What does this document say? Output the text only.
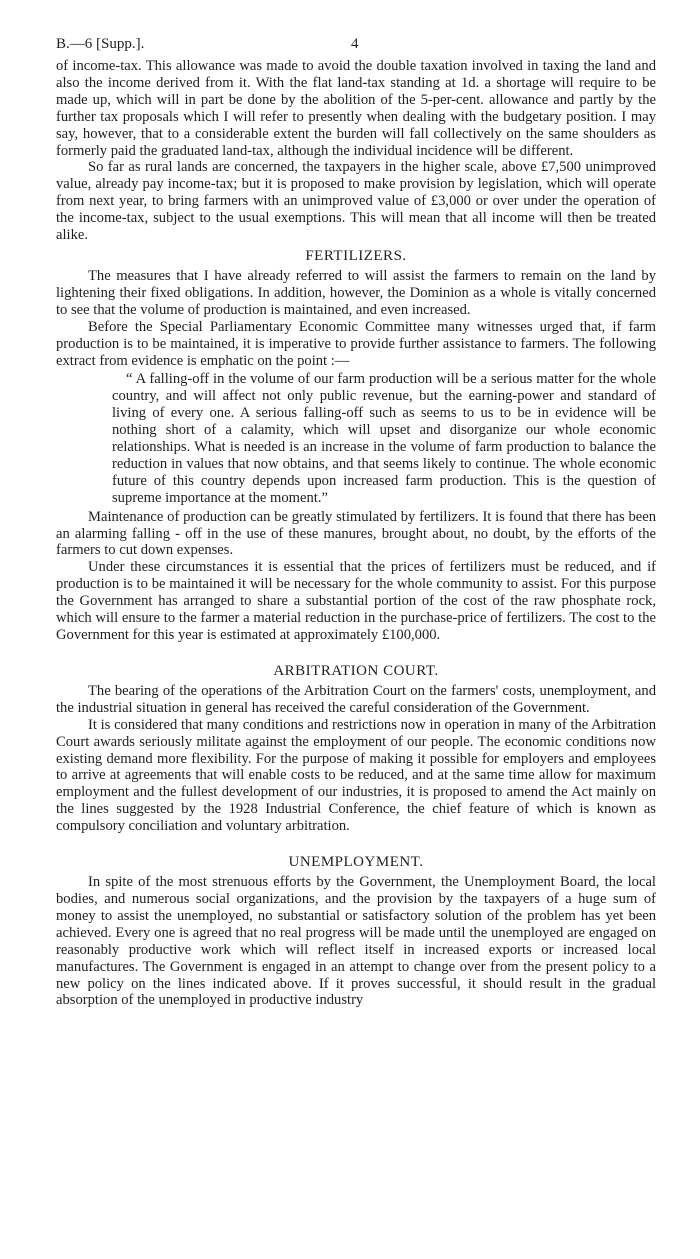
B.—6 [Supp.].	4

of income-tax. This allowance was made to avoid the double taxation involved in taxing the land and also the income derived from it. With the flat land-tax standing at 1d. a shortage will require to be made up, which will in part be done by the abolition of the 5-per-cent. allowance and partly by the further tax proposals which I will refer to presently when dealing with the budgetary position. I may say, however, that to a considerable extent the burden will fall collectively on the same shoulders as formerly paid the graduated land-tax, although the individual incidence will be different.

So far as rural lands are concerned, the taxpayers in the higher scale, above £7,500 unimproved value, already pay income-tax; but it is proposed to make provision by legislation, which will operate from next year, to bring farmers with an unimproved value of £3,000 or over under the operation of the income-tax, subject to the usual exemptions. This will mean that all income will then be treated alike.

FERTILIZERS.

The measures that I have already referred to will assist the farmers to remain on the land by lightening their fixed obligations. In addition, however, the Dominion as a whole is vitally concerned to see that the volume of production is maintained, and even increased.

Before the Special Parliamentary Economic Committee many witnesses urged that, if farm production is to be maintained, it is imperative to provide further assistance to farmers. The following extract from evidence is emphatic on the point :—

“ A falling-off in the volume of our farm production will be a serious matter for the whole country, and will affect not only public revenue, but the earning-power and standard of living of every one. A serious falling-off such as seems to us to be in evidence will be nothing short of a calamity, which will upset and disorganize our whole economic relationships. What is needed is an increase in the volume of farm production to balance the reduction in values that now obtains, and that seems likely to continue. The whole economic future of this country depends upon increased farm production. This is the question of supreme importance at the moment.”

Maintenance of production can be greatly stimulated by fertilizers. It is found that there has been an alarming falling - off in the use of these manures, brought about, no doubt, by the efforts of the farmers to cut down expenses.

Under these circumstances it is essential that the prices of fertilizers must be reduced, and if production is to be maintained it will be necessary for the whole community to assist. For this purpose the Government has arranged to share a substantial portion of the cost of the raw phosphate rock, which will ensure to the farmer a material reduction in the purchase-price of fertilizers. The cost to the Government for this year is estimated at approximately £100,000.

ARBITRATION COURT.

The bearing of the operations of the Arbitration Court on the farmers' costs, unemployment, and the industrial situation in general has received the careful consideration of the Government.

It is considered that many conditions and restrictions now in operation in many of the Arbitration Court awards seriously militate against the employment of our people. The economic conditions now existing demand more flexibility. For the purpose of making it possible for employers and employees to arrive at agreements that will enable costs to be reduced, and at the same time allow for maximum employment and the fullest development of our industries, it is proposed to amend the Act mainly on the lines suggested by the 1928 Industrial Conference, the chief feature of which is known as compulsory conciliation and voluntary arbitration.

UNEMPLOYMENT.

In spite of the most strenuous efforts by the Government, the Unemployment Board, the local bodies, and numerous social organizations, and the provision by the taxpayers of a huge sum of money to assist the unemployed, no substantial or satisfactory solution of the problem has yet been achieved. Every one is agreed that no real progress will be made until the unemployed are engaged on reasonably productive work which will reflect itself in increased exports or increased local manufactures. The Government is engaged in an attempt to change over from the present policy to a new policy on the lines indicated above. If it proves successful, it should result in the gradual absorption of the unemployed in productive industry
